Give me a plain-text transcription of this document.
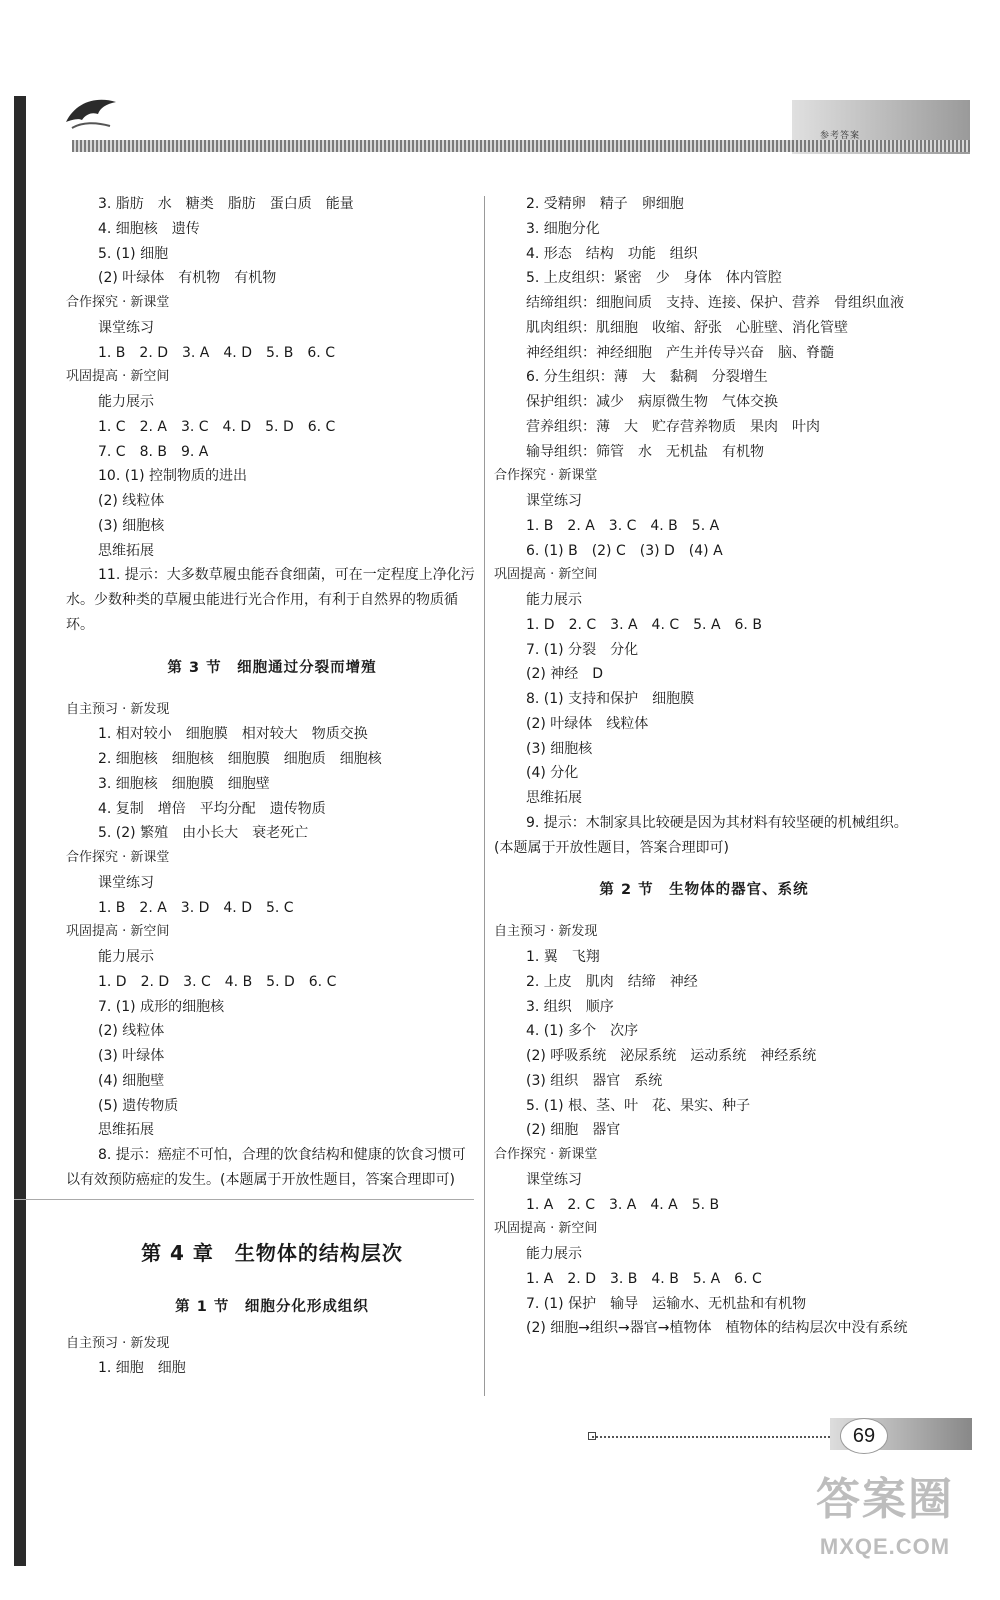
参考答案
3. 脂肪　水　糖类　脂肪　蛋白质　能量
4. 细胞核　遗传
5. (1) 细胞
(2) 叶绿体　有机物　有机物
合作探究 · 新课堂
课堂练习
1. B　2. D　3. A　4. D　5. B　6. C
巩固提高 · 新空间
能力展示
1. C　2. A　3. C　4. D　5. D　6. C
7. C　8. B　9. A
10. (1) 控制物质的进出
(2) 线粒体
(3) 细胞核
思维拓展
11. 提示：大多数草履虫能吞食细菌，可在一定程度上净化污水。少数种类的草履虫能进行光合作用，有利于自然界的物质循环。
第 3 节　细胞通过分裂而增殖
自主预习 · 新发现
1. 相对较小　细胞膜　相对较大　物质交换
2. 细胞核　细胞核　细胞膜　细胞质　细胞核
3. 细胞核　细胞膜　细胞壁
4. 复制　增倍　平均分配　遗传物质
5. (2) 繁殖　由小长大　衰老死亡
合作探究 · 新课堂
课堂练习
1. B　2. A　3. D　4. D　5. C
巩固提高 · 新空间
能力展示
1. D　2. D　3. C　4. B　5. D　6. C
7. (1) 成形的细胞核
(2) 线粒体
(3) 叶绿体
(4) 细胞壁
(5) 遗传物质
思维拓展
8. 提示：癌症不可怕，合理的饮食结构和健康的饮食习惯可以有效预防癌症的发生。(本题属于开放性题目，答案合理即可)
第 4 章　生物体的结构层次
第 1 节　细胞分化形成组织
自主预习 · 新发现
1. 细胞　细胞
2. 受精卵　精子　卵细胞
3. 细胞分化
4. 形态　结构　功能　组织
5. 上皮组织：紧密　少　身体　体内管腔
结缔组织：细胞间质　支持、连接、保护、营养　骨组织血液
肌肉组织：肌细胞　收缩、舒张　心脏壁、消化管壁
神经组织：神经细胞　产生并传导兴奋　脑、脊髓
6. 分生组织：薄　大　黏稠　分裂增生
保护组织：减少　病原微生物　气体交换
营养组织：薄　大　贮存营养物质　果肉　叶肉
输导组织：筛管　水　无机盐　有机物
合作探究 · 新课堂
课堂练习
1. B　2. A　3. C　4. B　5. A
6. (1) B　(2) C　(3) D　(4) A
巩固提高 · 新空间
能力展示
1. D　2. C　3. A　4. C　5. A　6. B
7. (1) 分裂　分化
(2) 神经　D
8. (1) 支持和保护　细胞膜
(2) 叶绿体　线粒体
(3) 细胞核
(4) 分化
思维拓展
9. 提示：木制家具比较硬是因为其材料有较坚硬的机械组织。(本题属于开放性题目，答案合理即可)
第 2 节　生物体的器官、系统
自主预习 · 新发现
1. 翼　飞翔
2. 上皮　肌肉　结缔　神经
3. 组织　顺序
4. (1) 多个　次序
(2) 呼吸系统　泌尿系统　运动系统　神经系统
(3) 组织　器官　系统
5. (1) 根、茎、叶　花、果实、种子
(2) 细胞　器官
合作探究 · 新课堂
课堂练习
1. A　2. C　3. A　4. A　5. B
巩固提高 · 新空间
能力展示
1. A　2. D　3. B　4. B　5. A　6. C
7. (1) 保护　输导　运输水、无机盐和有机物
(2) 细胞→组织→器官→植物体　植物体的结构层次中没有系统
69
答案圈
MXQE.COM
